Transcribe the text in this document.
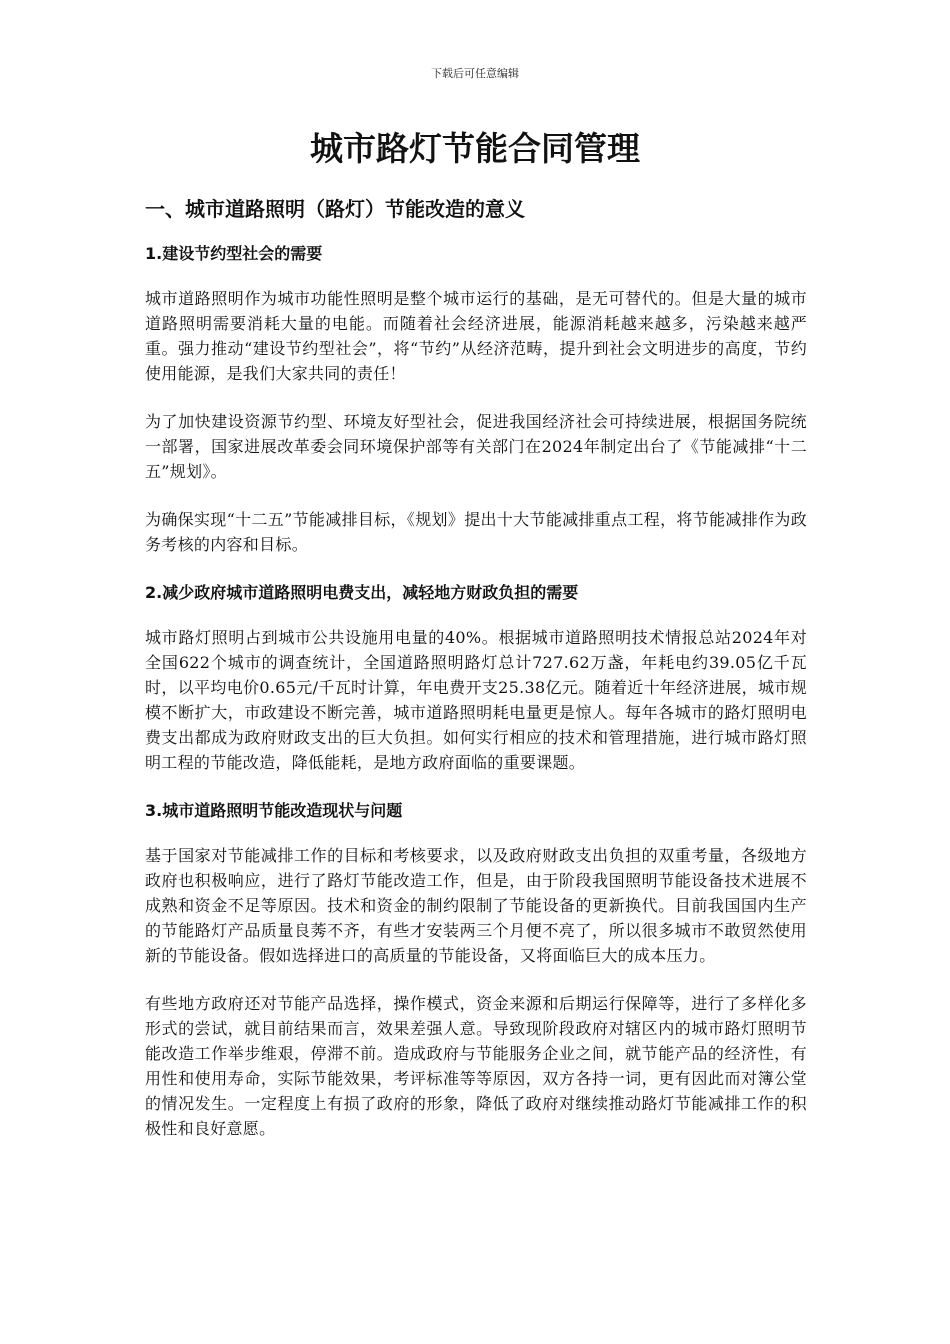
下载后可任意编辑
城市路灯节能合同管理
一、城市道路照明（路灯）节能改造的意义
1.建设节约型社会的需要

城市道路照明作为城市功能性照明是整个城市运行的基础，是无可替代的。但是大量的城市道路照明需要消耗大量的电能。而随着社会经济进展，能源消耗越来越多，污染越来越严重。强力推动“建设节约型社会”，将“节约”从经济范畴，提升到社会文明进步的高度，节约使用能源，是我们大家共同的责任！

为了加快建设资源节约型、环境友好型社会，促进我国经济社会可持续进展，根据国务院统一部署，国家进展改革委会同环境保护部等有关部门在2024年制定出台了《节能减排“十二五”规划》。

为确保实现“十二五”节能减排目标，《规划》提出十大节能减排重点工程，将节能减排作为政务考核的内容和目标。

2.减少政府城市道路照明电费支出，减轻地方财政负担的需要

城市路灯照明占到城市公共设施用电量的40%。根据城市道路照明技术情报总站2024年对全国622个城市的调查统计，全国道路照明路灯总计727.62万盏，年耗电约39.05亿千瓦时，以平均电价0.65元/千瓦时计算，年电费开支25.38亿元。随着近十年经济进展，城市规模不断扩大，市政建设不断完善，城市道路照明耗电量更是惊人。每年各城市的路灯照明电费支出都成为政府财政支出的巨大负担。如何实行相应的技术和管理措施，进行城市路灯照明工程的节能改造，降低能耗，是地方政府面临的重要课题。

3.城市道路照明节能改造现状与问题

基于国家对节能减排工作的目标和考核要求，以及政府财政支出负担的双重考量，各级地方政府也积极响应，进行了路灯节能改造工作，但是，由于阶段我国照明节能设备技术进展不成熟和资金不足等原因。技术和资金的制约限制了节能设备的更新换代。目前我国国内生产的节能路灯产品质量良莠不齐，有些才安装两三个月便不亮了，所以很多城市不敢贸然使用新的节能设备。假如选择进口的高质量的节能设备，又将面临巨大的成本压力。

有些地方政府还对节能产品选择，操作模式，资金来源和后期运行保障等，进行了多样化多形式的尝试，就目前结果而言，效果差强人意。导致现阶段政府对辖区内的城市路灯照明节能改造工作举步维艰，停滞不前。造成政府与节能服务企业之间，就节能产品的经济性，有用性和使用寿命，实际节能效果，考评标准等等原因，双方各持一词，更有因此而对簿公堂的情况发生。一定程度上有损了政府的形象，降低了政府对继续推动路灯节能减排工作的积极性和良好意愿。
